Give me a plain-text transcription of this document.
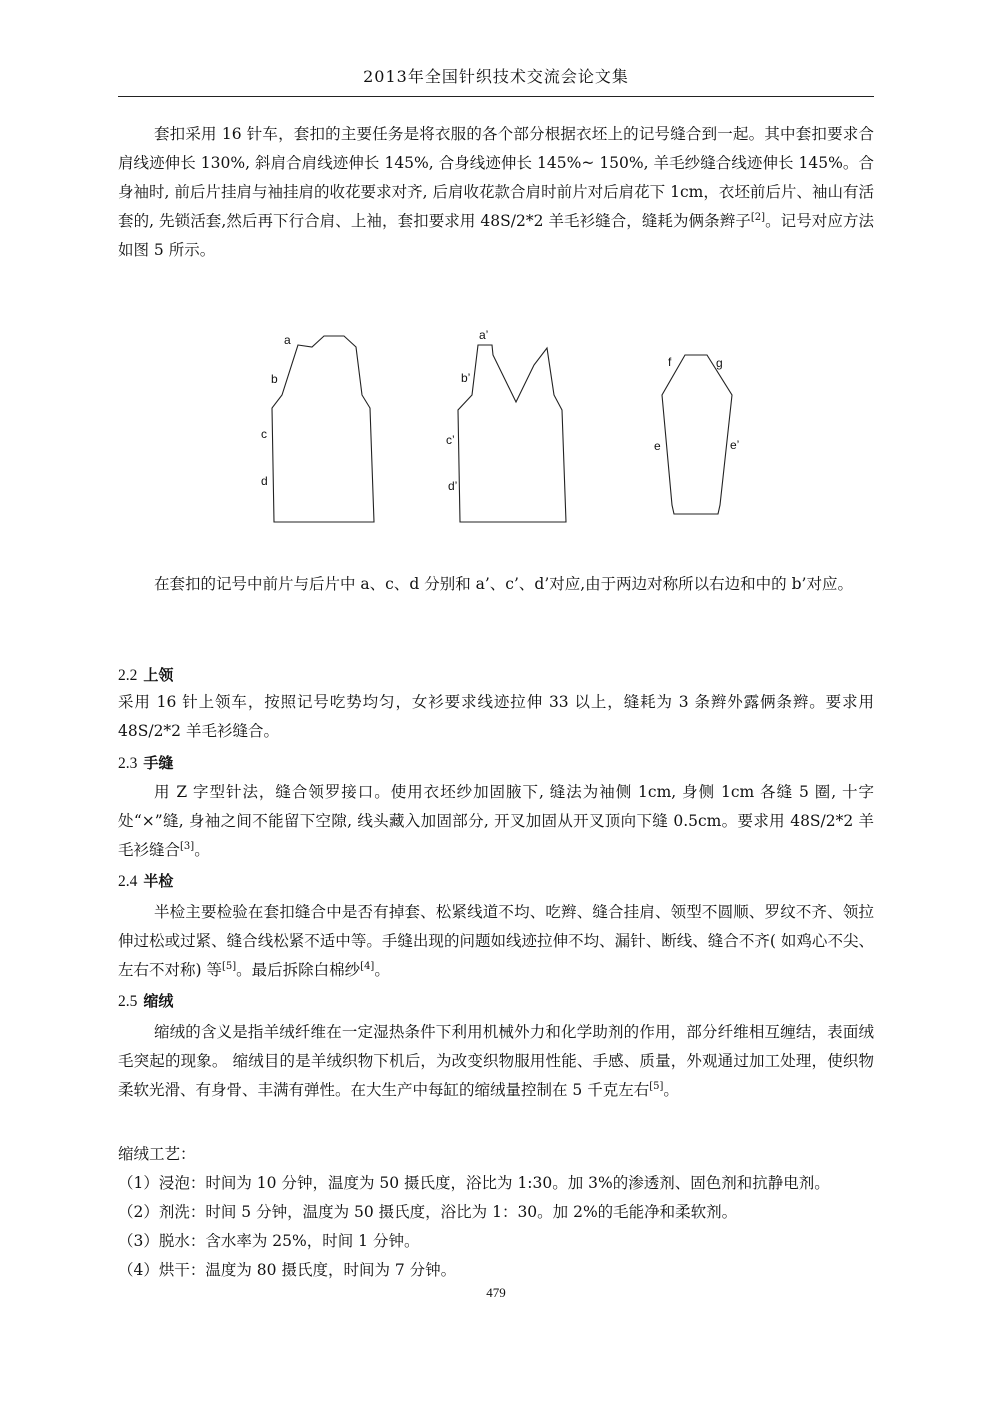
2013年全国针织技术交流会论文集

套扣采用 16 针车，套扣的主要任务是将衣服的各个部分根据衣坯上的记号缝合到一起。其中套扣要求合肩线迹伸长 130%, 斜肩合肩线迹伸长 145%, 合身线迹伸长 145%~ 150%, 羊毛纱缝合线迹伸长 145%。合身袖时, 前后片挂肩与袖挂肩的收花要求对齐, 后肩收花款合肩时前片对后肩花下 1cm，衣坯前后片、袖山有活套的, 先锁活套,然后再下行合肩、上袖，套扣要求用 48S/2*2 羊毛衫缝合，缝耗为俩条辫子[2]。记号对应方法如图 5 所示。

a
b
c
d
a’
b’
c’
d’
f	g
e	e’

在套扣的记号中前片与后片中 a、c、d 分别和 a’、c’、d’对应,由于两边对称所以右边和中的 b’对应。

2.2 上领

采用 16 针上领车，按照记号吃势均匀，女衫要求线迹拉伸 33 以上，缝耗为 3 条辫外露俩条辫。要求用 48S/2*2 羊毛衫缝合。

2.3 手缝

用 Z 字型针法，缝合领罗接口。使用衣坯纱加固腋下, 缝法为袖侧 1cm, 身侧 1cm 各缝 5 圈, 十字处“×”缝, 身袖之间不能留下空隙, 线头藏入加固部分, 开叉加固从开叉顶向下缝 0.5cm。要求用 48S/2*2 羊毛衫缝合[3]。

2.4 半检

半检主要检验在套扣缝合中是否有掉套、松紧线道不均、吃辫、缝合挂肩、领型不圆顺、罗纹不齐、领拉伸过松或过紧、缝合线松紧不适中等。手缝出现的问题如线迹拉伸不均、漏针、断线、缝合不齐( 如鸡心不尖、左右不对称) 等[5]。最后拆除白棉纱[4]。

2.5 缩绒

缩绒的含义是指羊绒纤维在一定湿热条件下利用机械外力和化学助剂的作用，部分纤维相互缠结，表面绒毛突起的现象。 缩绒目的是羊绒织物下机后，为改变织物服用性能、手感、质量，外观通过加工处理，使织物柔软光滑、有身骨、丰满有弹性。在大生产中每缸的缩绒量控制在 5 千克左右[5]。

缩绒工艺：
（1）浸泡：时间为 10 分钟，温度为 50 摄氏度，浴比为 1:30。加 3%的渗透剂、固色剂和抗静电剂。
（2）剂洗：时间 5 分钟，温度为 50 摄氏度，浴比为 1：30。加 2%的毛能净和柔软剂。
（3）脱水：含水率为 25%，时间 1 分钟。
（4）烘干：温度为 80 摄氏度，时间为 7 分钟。
479
